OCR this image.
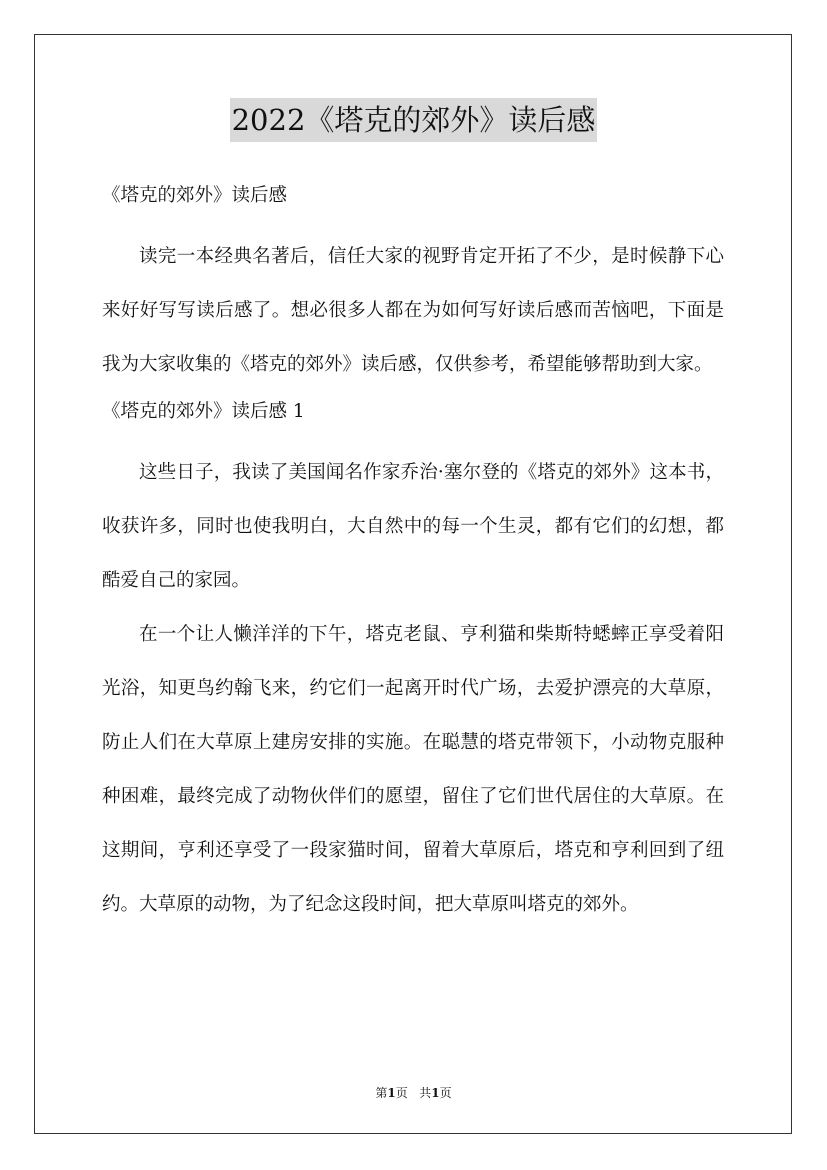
2022《塔克的郊外》读后感

《塔克的郊外》读后感

读完一本经典名著后，信任大家的视野肯定开拓了不少，是时候静下心来好好写写读后感了。想必很多人都在为如何写好读后感而苦恼吧，下面是我为大家收集的《塔克的郊外》读后感，仅供参考，希望能够帮助到大家。

《塔克的郊外》读后感 1

这些日子，我读了美国闻名作家乔治·塞尔登的《塔克的郊外》这本书，收获许多，同时也使我明白，大自然中的每一个生灵，都有它们的幻想，都酷爱自己的家园。

在一个让人懒洋洋的下午，塔克老鼠、亨利猫和柴斯特蟋蟀正享受着阳光浴，知更鸟约翰飞来，约它们一起离开时代广场，去爱护漂亮的大草原，防止人们在大草原上建房安排的实施。在聪慧的塔克带领下，小动物克服种种困难，最终完成了动物伙伴们的愿望，留住了它们世代居住的大草原。在这期间，亨利还享受了一段家猫时间，留着大草原后，塔克和亨利回到了纽约。大草原的动物，为了纪念这段时间，把大草原叫塔克的郊外。

第1页 共1页
